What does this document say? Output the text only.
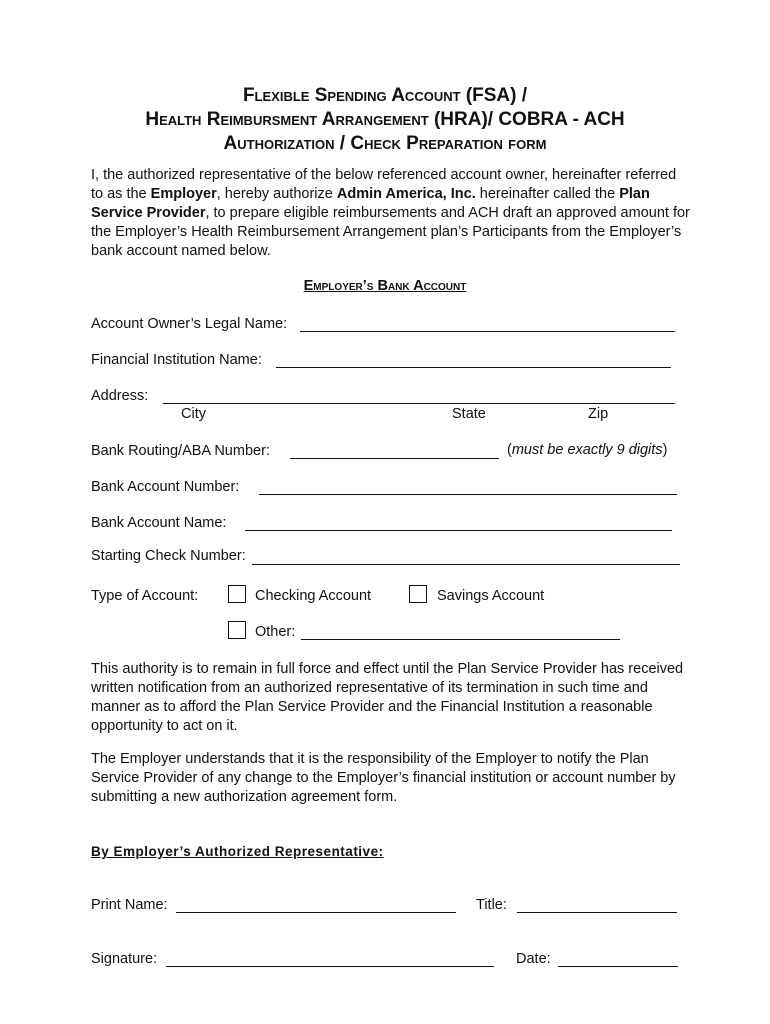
Flexible Spending Account (FSA) /
Health Reimbursment Arrangement (HRA)/ COBRA - ACH
Authorization / Check Preparation form
I, the authorized representative of the below referenced account owner, hereinafter referred to as the Employer, hereby authorize Admin America, Inc. hereinafter called the Plan Service Provider, to prepare eligible reimbursements and ACH draft an approved amount for the Employer’s Health Reimbursement Arrangement plan’s Participants from the Employer’s bank account named below.
Employer’s Bank Account
Account Owner’s Legal Name:
Financial Institution Name:
Address:
City	State	Zip
Bank Routing/ABA Number:	(must be exactly 9 digits)
Bank Account Number:
Bank Account Name:
Starting Check Number:
Type of Account:	Checking Account	Savings Account
Other:
This authority is to remain in full force and effect until the Plan Service Provider has received written notification from an authorized representative of its termination in such time and manner as to afford the Plan Service Provider and the Financial Institution a reasonable opportunity to act on it.
The Employer understands that it is the responsibility of the Employer to notify the Plan Service Provider of any change to the Employer’s financial institution or account number by submitting a new authorization agreement form.
By Employer’s Authorized Representative:
Print Name:	Title:
Signature:	Date:
